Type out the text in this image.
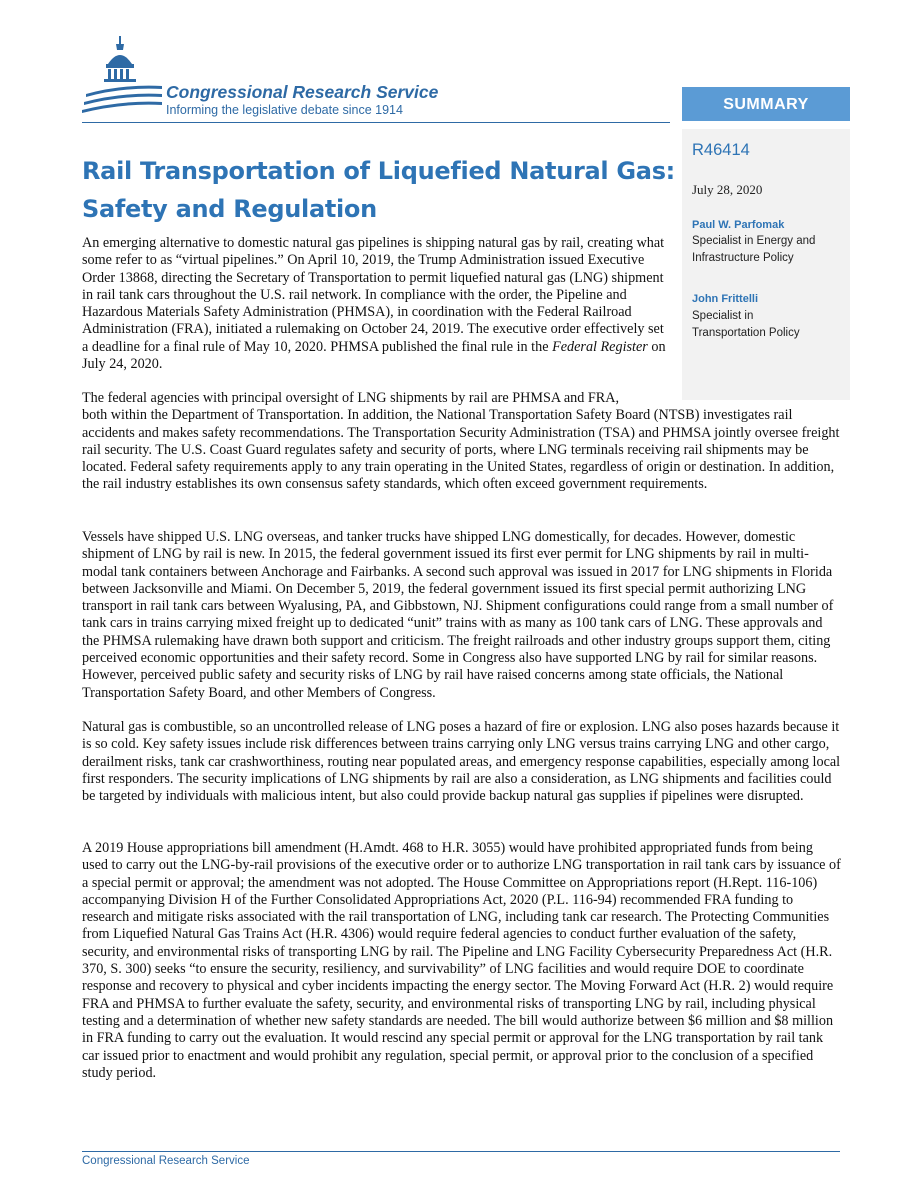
Congressional Research Service
Informing the legislative debate since 1914	SUMMARY
R46414
July 28, 2020
Paul W. Parfomak
Specialist in Energy and Infrastructure Policy
John Frittelli
Specialist in Transportation Policy
Rail Transportation of Liquefied Natural Gas:
Safety and Regulation

An emerging alternative to domestic natural gas pipelines is shipping natural gas by rail, creating what some refer to as “virtual pipelines.” On April 10, 2019, the Trump Administration issued Executive Order 13868, directing the Secretary of Transportation to permit liquefied natural gas (LNG) shipment in rail tank cars throughout the U.S. rail network. In compliance with the order, the Pipeline and Hazardous Materials Safety Administration (PHMSA), in coordination with the Federal Railroad Administration (FRA), initiated a rulemaking on October 24, 2019. The executive order effectively set a deadline for a final rule of May 10, 2020. PHMSA published the final rule in the Federal Register on July 24, 2020.

The federal agencies with principal oversight of LNG shipments by rail are PHMSA and FRA,
both within the Department of Transportation. In addition, the National Transportation Safety Board (NTSB) investigates rail accidents and makes safety recommendations. The Transportation Security Administration (TSA) and PHMSA jointly oversee freight rail security. The U.S. Coast Guard regulates safety and security of ports, where LNG terminals receiving rail shipments may be located. Federal safety requirements apply to any train operating in the United States, regardless of origin or destination. In addition, the rail industry establishes its own consensus safety standards, which often exceed government requirements.

Vessels have shipped U.S. LNG overseas, and tanker trucks have shipped LNG domestically, for decades. However, domestic shipment of LNG by rail is new. In 2015, the federal government issued its first ever permit for LNG shipments by rail in multi-modal tank containers between Anchorage and Fairbanks. A second such approval was issued in 2017 for LNG shipments in Florida between Jacksonville and Miami. On December 5, 2019, the federal government issued its first special permit authorizing LNG transport in rail tank cars between Wyalusing, PA, and Gibbstown, NJ. Shipment configurations could range from a small number of tank cars in trains carrying mixed freight up to dedicated “unit” trains with as many as 100 tank cars of LNG. These approvals and the PHMSA rulemaking have drawn both support and criticism. The freight railroads and other industry groups support them, citing perceived economic opportunities and their safety record. Some in Congress also have supported LNG by rail for similar reasons. However, perceived public safety and security risks of LNG by rail have raised concerns among state officials, the National Transportation Safety Board, and other Members of Congress.

Natural gas is combustible, so an uncontrolled release of LNG poses a hazard of fire or explosion. LNG also poses hazards because it is so cold. Key safety issues include risk differences between trains carrying only LNG versus trains carrying LNG and other cargo, derailment risks, tank car crashworthiness, routing near populated areas, and emergency response capabilities, especially among local first responders. The security implications of LNG shipments by rail are also a consideration, as LNG shipments and facilities could be targeted by individuals with malicious intent, but also could provide backup natural gas supplies if pipelines were disrupted.

A 2019 House appropriations bill amendment (H.Amdt. 468 to H.R. 3055) would have prohibited appropriated funds from being used to carry out the LNG-by-rail provisions of the executive order or to authorize LNG transportation in rail tank cars by issuance of a special permit or approval; the amendment was not adopted. The House Committee on Appropriations report (H.Rept. 116-106) accompanying Division H of the Further Consolidated Appropriations Act, 2020 (P.L. 116-94) recommended FRA funding to research and mitigate risks associated with the rail transportation of LNG, including tank car research. The Protecting Communities from Liquefied Natural Gas Trains Act (H.R. 4306) would require federal agencies to conduct further evaluation of the safety, security, and environmental risks of transporting LNG by rail. The Pipeline and LNG Facility Cybersecurity Preparedness Act (H.R. 370, S. 300) seeks “to ensure the security, resiliency, and survivability” of LNG facilities and would require DOE to coordinate response and recovery to physical and cyber incidents impacting the energy sector. The Moving Forward Act (H.R. 2) would require FRA and PHMSA to further evaluate the safety, security, and environmental risks of transporting LNG by rail, including physical testing and a determination of whether new safety standards are needed. The bill would authorize between $6 million and $8 million in FRA funding to carry out the evaluation. It would rescind any special permit or approval for the LNG transportation by rail tank car issued prior to enactment and would prohibit any regulation, special permit, or approval prior to the conclusion of a specified study period.

Congressional Research Service
